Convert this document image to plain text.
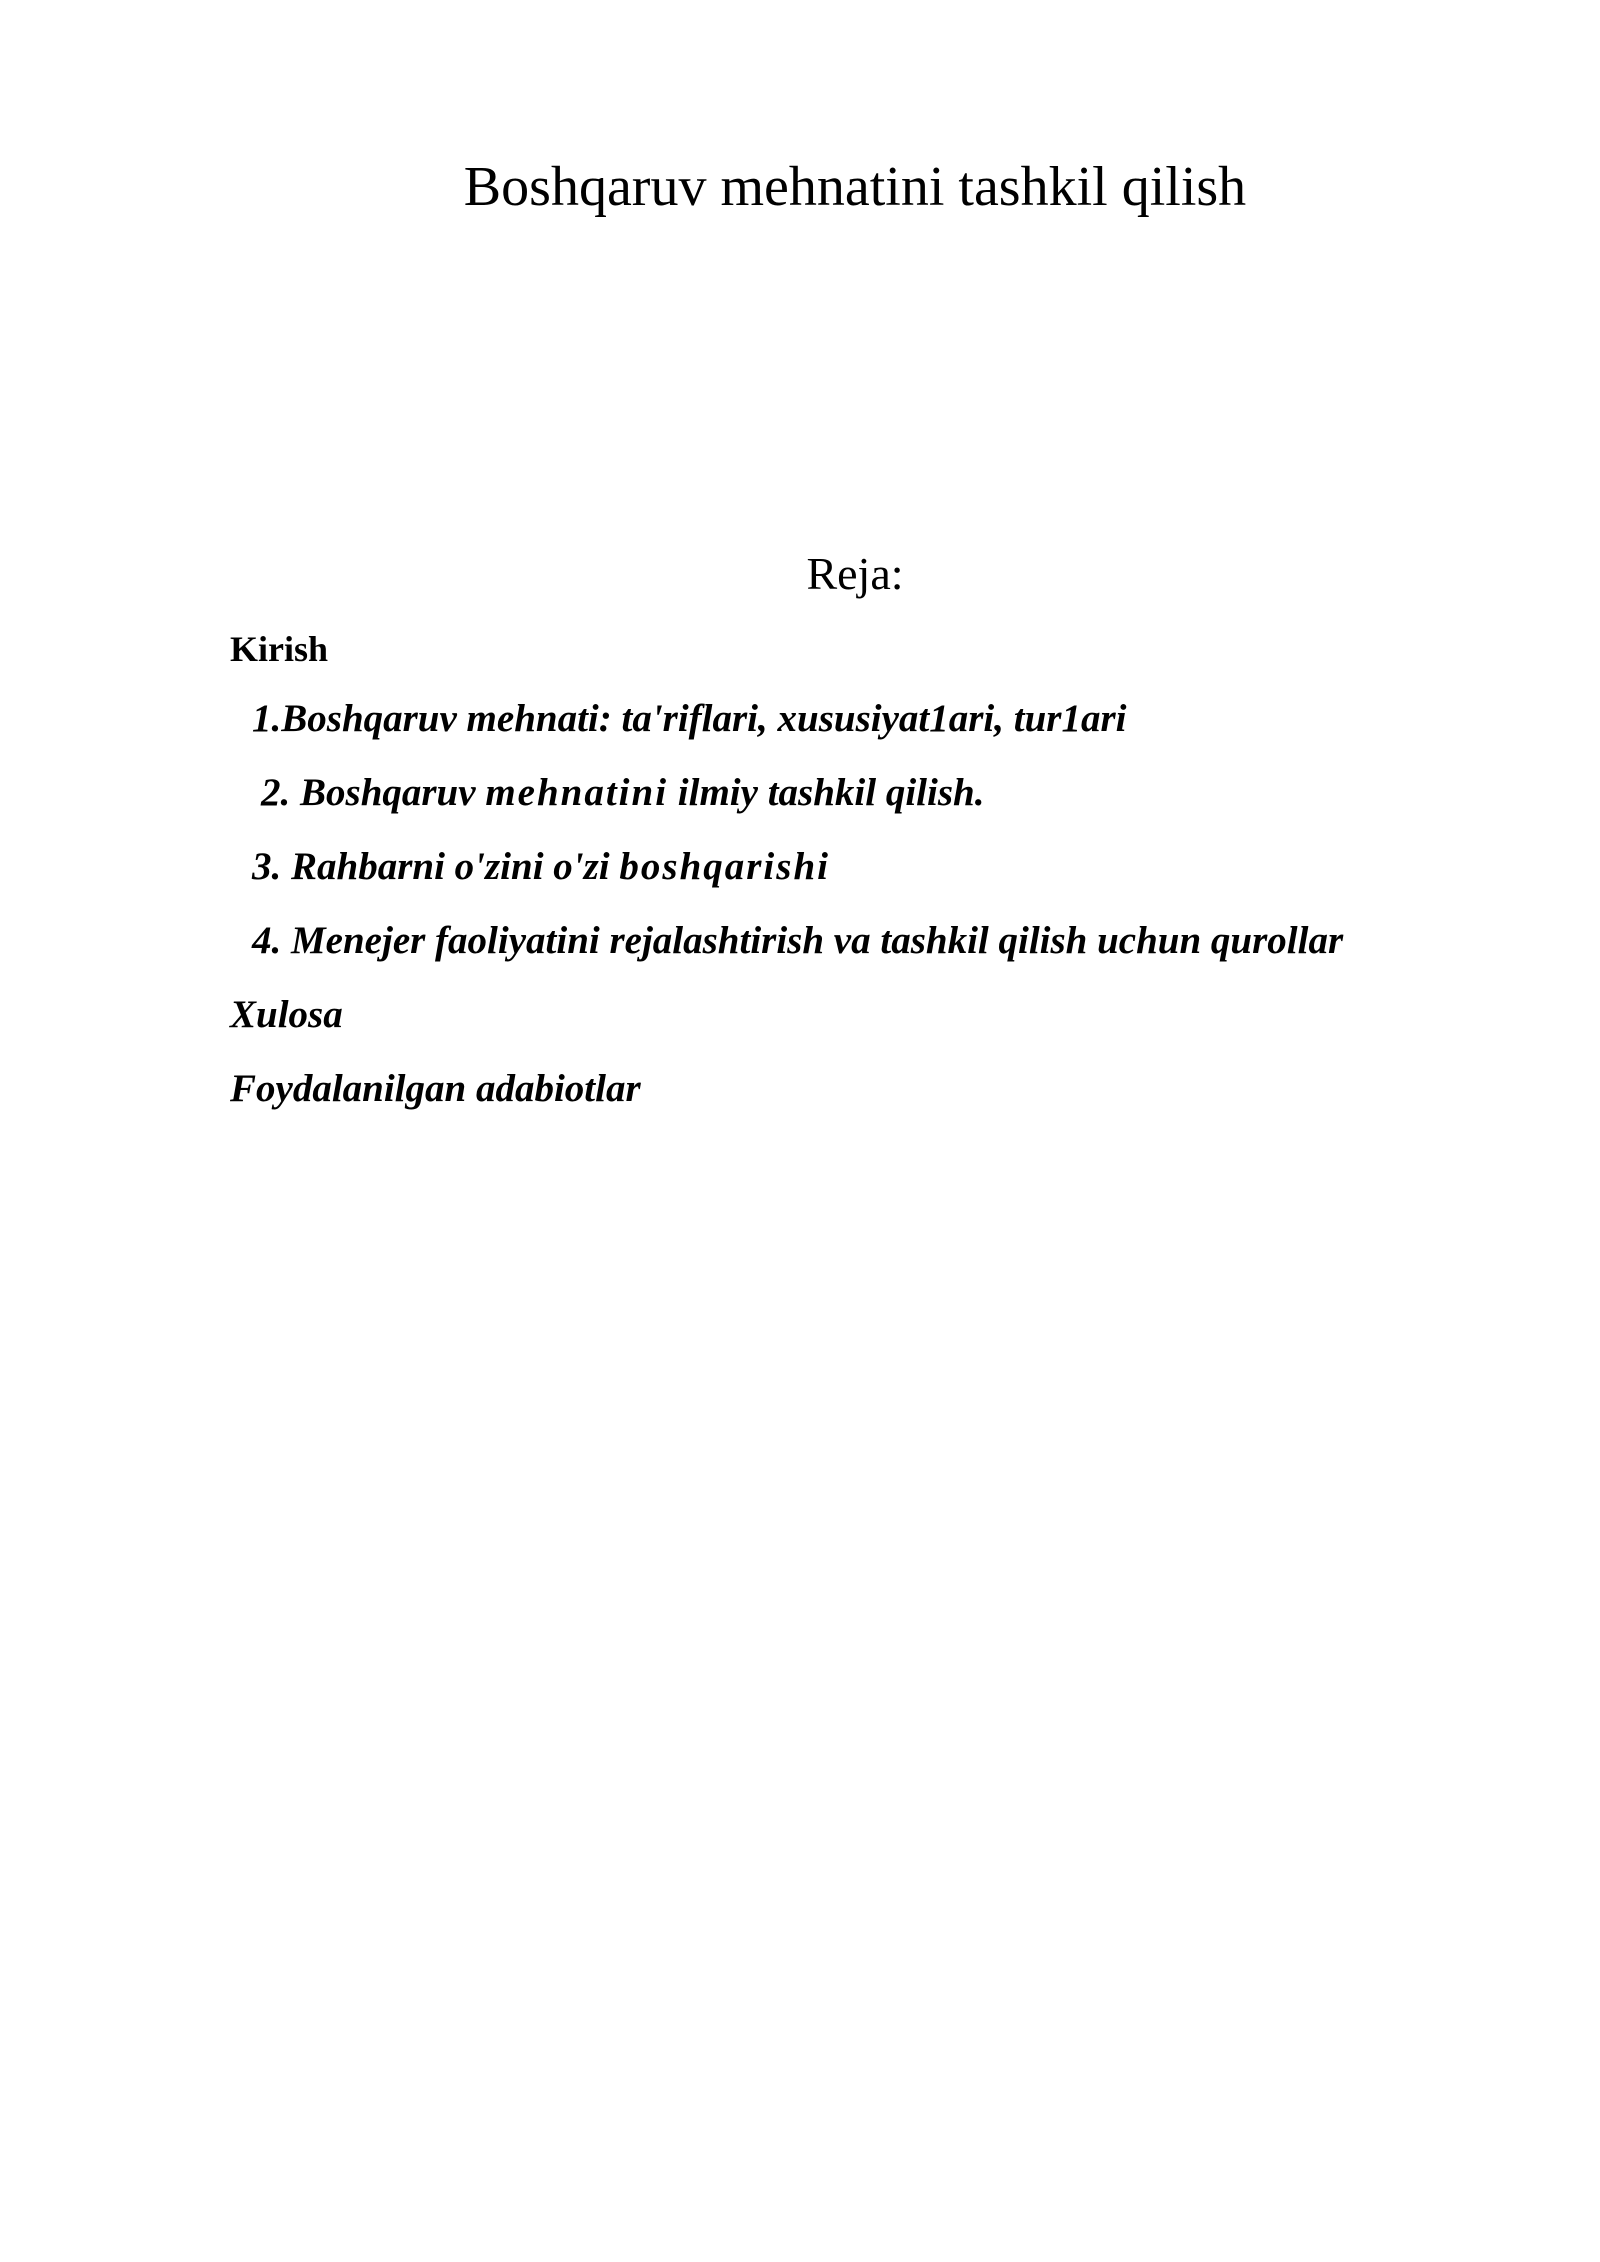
Boshqaruv mehnatini tashkil qilish
Reja:
Kirish
1.Boshqaruv mehnati: ta'riflari, xususiyat1ari, tur1ari
2. Boshqaruv mehnatini ilmiy tashkil qilish.
3. Rahbarni o'zini o'zi boshqarishi
4. Menejer faoliyatini rejalashtirish va tashkil qilish uchun qurollar
Xulosa
Foydalanilgan adabiotlar
